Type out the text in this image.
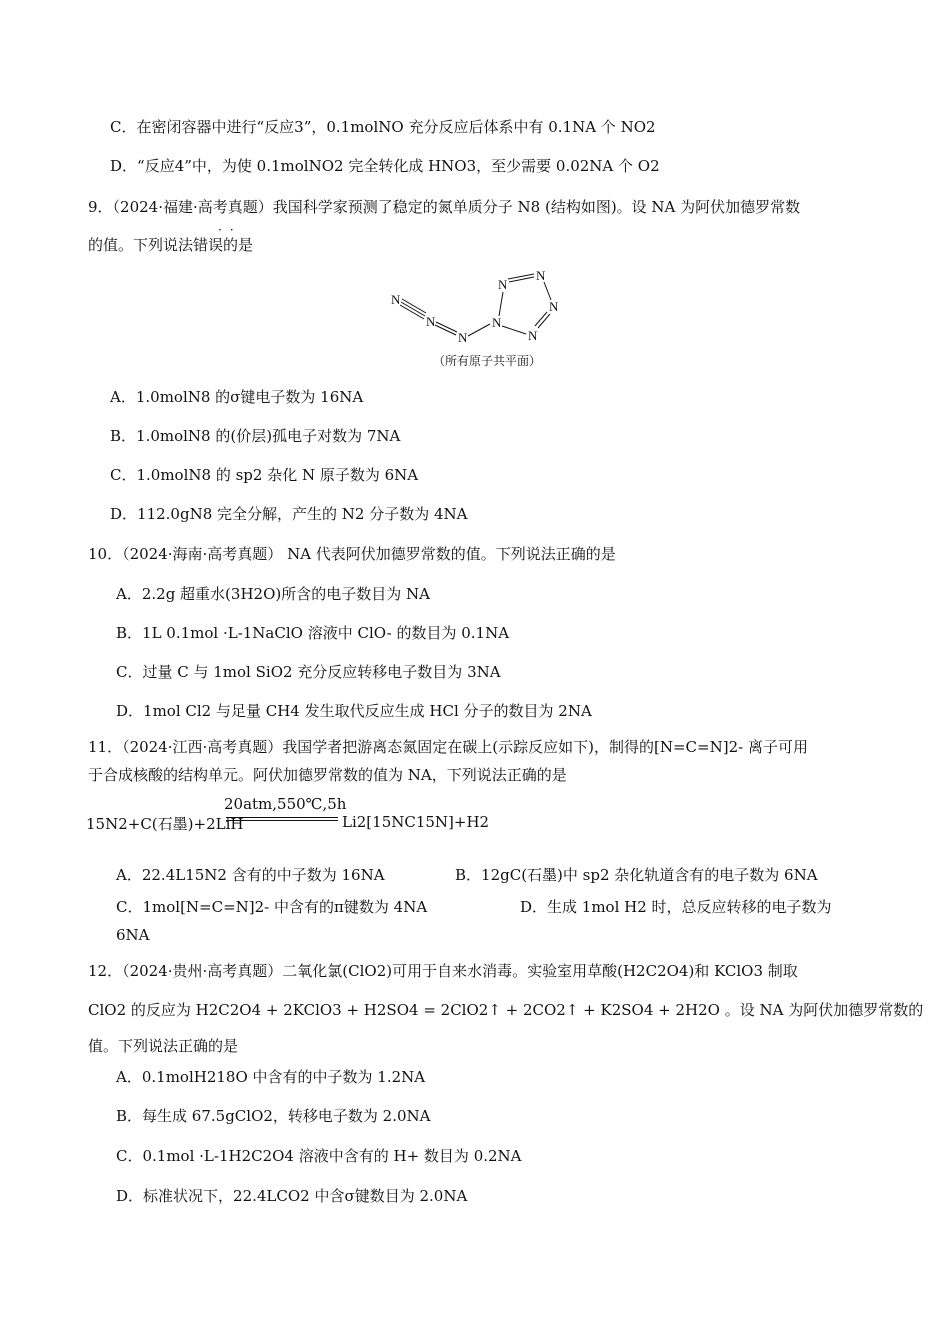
C．在密闭容器中进行“反应3”，0.1molNO 充分反应后体系中有 0.1NA 个 NO2
D．“反应4”中，为使 0.1molNO2 完全转化成 HNO3，至少需要 0.02NA 个 O2
9．（2024·福建·高考真题）我国科学家预测了稳定的氮单质分子 N8 (结构如图)。设 NA 为阿伏加德罗常数
的值。下列说法错误的是
··
N
N
N
N
N
N
N
N
（所有原子共平面）
A．1.0molN8 的σ键电子数为 16NA
B．1.0molN8 的(价层)孤电子对数为 7NA
C．1.0molN8 的 sp2 杂化 N 原子数为 6NA
D．112.0gN8 完全分解，产生的 N2 分子数为 4NA
10．（2024·海南·高考真题） NA 代表阿伏加德罗常数的值。下列说法正确的是
A．2.2g 超重水(3H2O)所含的电子数目为 NA
B．1L 0.1mol ·L-1NaClO 溶液中 ClO- 的数目为 0.1NA
C．过量 C 与 1mol SiO2 充分反应转移电子数目为 3NA
D．1mol Cl2 与足量 CH4 发生取代反应生成 HCl 分子的数目为 2NA
11．（2024·江西·高考真题）我国学者把游离态氮固定在碳上(示踪反应如下)，制得的[N=C=N]2- 离子可用
于合成核酸的结构单元。阿伏加德罗常数的值为 NA，下列说法正确的是
20atm,550℃,5h
15N2+C(石墨)+2LiH	Li2[15NC15N]+H2
A．22.4L15N2 含有的中子数为 16NA	B．12gC(石墨)中 sp2 杂化轨道含有的电子数为 6NA
C．1mol[N=C=N]2- 中含有的π键数为 4NA	D．生成 1mol H2 时，总反应转移的电子数为
6NA
12．（2024·贵州·高考真题）二氧化氯(ClO2)可用于自来水消毒。实验室用草酸(H2C2O4)和 KClO3 制取
ClO2 的反应为 H2C2O4 + 2KClO3 + H2SO4 = 2ClO2↑ + 2CO2↑ + K2SO4 + 2H2O 。设 NA 为阿伏加德罗常数的
值。下列说法正确的是
A．0.1molH218O 中含有的中子数为 1.2NA
B．每生成 67.5gClO2，转移电子数为 2.0NA
C．0.1mol ·L-1H2C2O4 溶液中含有的 H+ 数目为 0.2NA
D．标准状况下，22.4LCO2 中含σ键数目为 2.0NA
